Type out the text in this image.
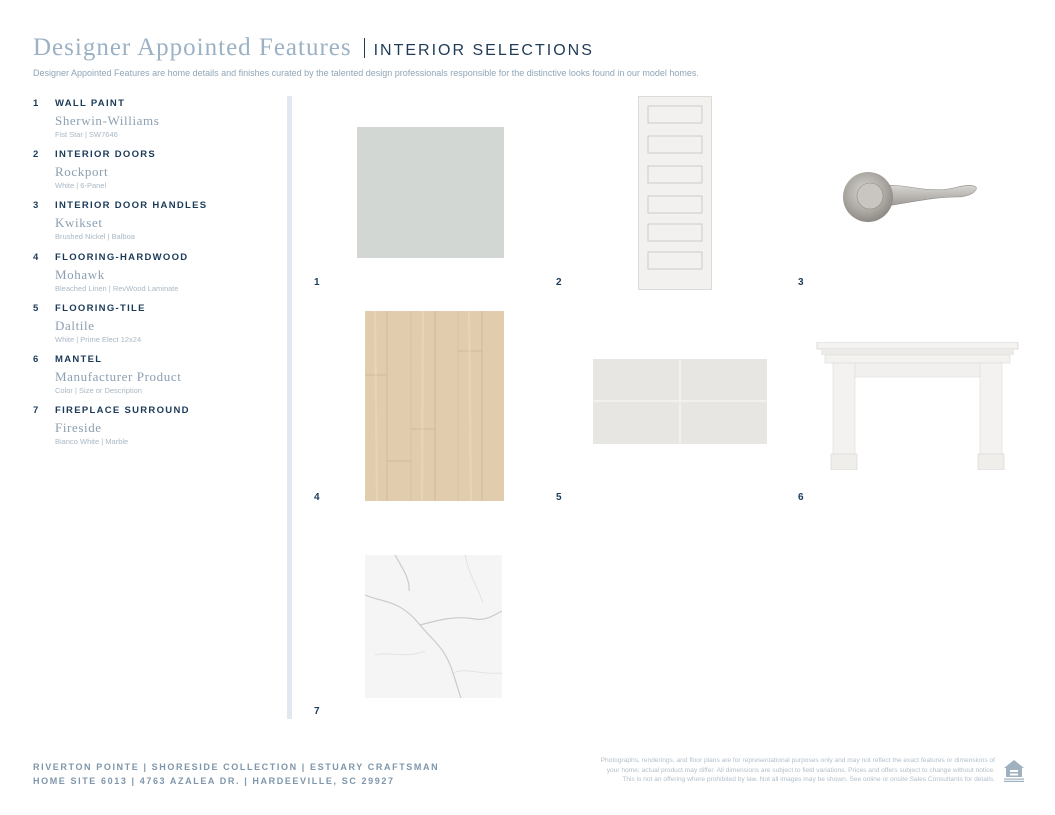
Designer Appointed Features INTERIOR SELECTIONS
Designer Appointed Features are home details and finishes curated by the talented design professionals responsible for the distinctive looks found in our model homes.
1	WALL PAINT
Sherwin-Williams
Fist Star | SW7646
2	INTERIOR DOORS
Rockport
White | 6-Panel
3	INTERIOR DOOR HANDLES
Kwikset
Brushed Nickel | Balboa
4	FLOORING-HARDWOOD
Mohawk
Bleached Linen | RevWood Laminate
5	FLOORING-TILE
Daltile
White | Prime Elect 12x24
6	MANTEL
Manufacturer Product
Color | Size or Description
7	FIREPLACE SURROUND
Fireside
Bianco White | Marble
1	2	3
4	5	6
7
RIVERTON POINTE | SHORESIDE COLLECTION | ESTUARY CRAFTSMAN
HOME SITE 6013 | 4763 AZALEA DR. | HARDEEVILLE, SC 29927
Photographs, renderings, and floor plans are for representational purposes only and may not reflect the exact features or dimensions of
your home; actual product may differ. All dimensions are subject to field variations. Prices and offers subject to change without notice.
This is not an offering where prohibited by law. Not all images may be shown. See online or onsite Sales Consultants for details.
